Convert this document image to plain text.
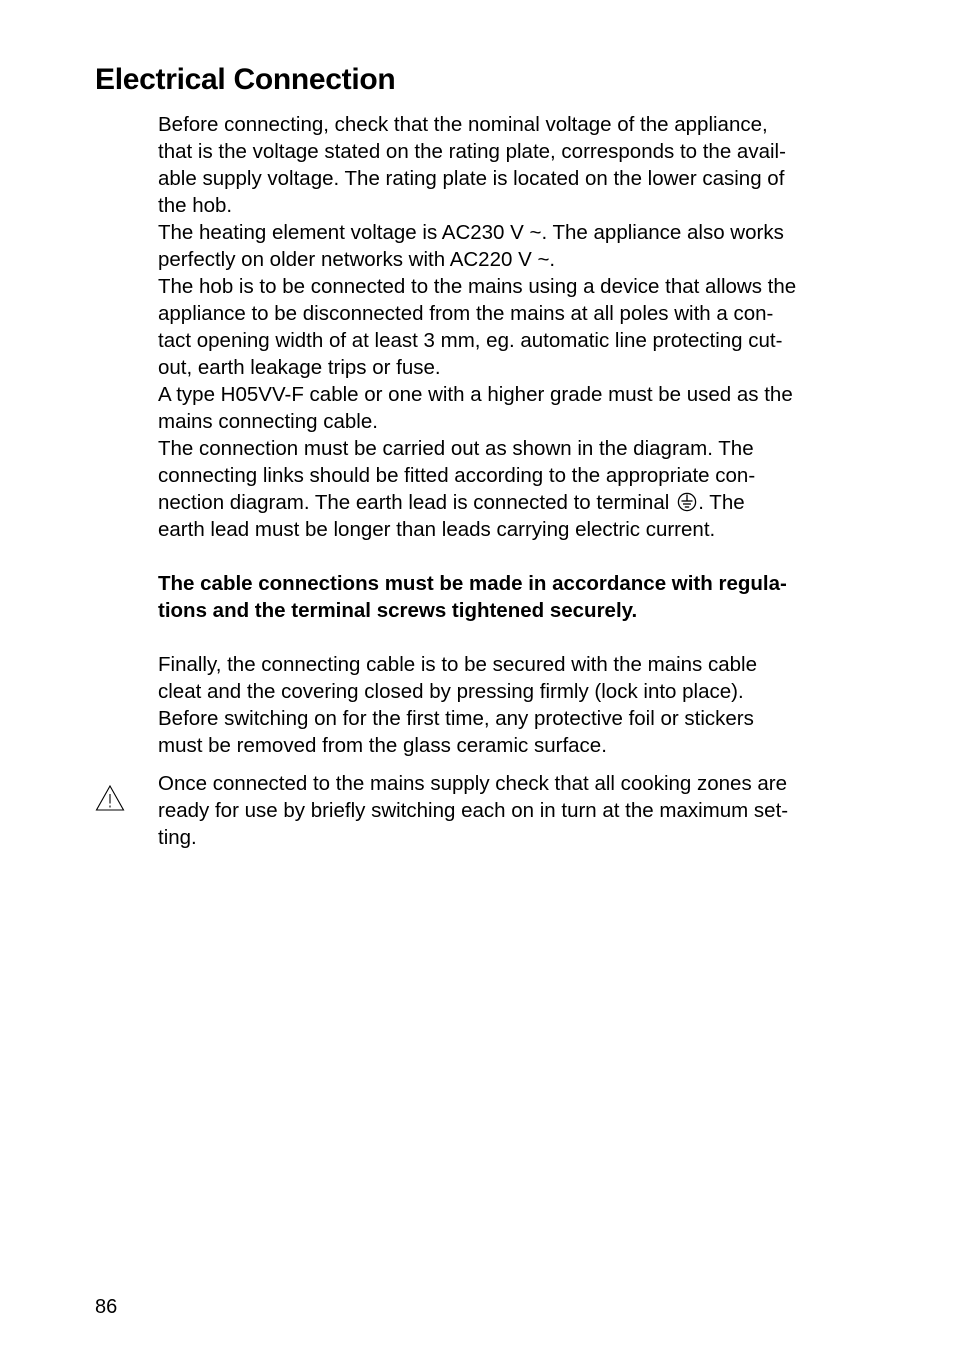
Electrical Connection

Before connecting, check that the nominal voltage of the appliance,
that is the voltage stated on the rating plate, corresponds to the avail-
able supply voltage. The rating plate is located on the lower casing of
the hob.

The heating element voltage is AC230 V ~. The appliance also works
perfectly on older networks with AC220 V ~.

The hob is to be connected to the mains using a device that allows the
appliance to be disconnected from the mains at all poles with a con-
tact opening width of at least 3 mm, eg. automatic line protecting cut-
out, earth leakage trips or fuse.

A type H05VV-F cable or one with a higher grade must be used as the
mains connecting cable.

The connection must be carried out as shown in the diagram. The
connecting links should be fitted according to the appropriate con-
nection diagram. The earth lead is connected to terminal . The
earth lead must be longer than leads carrying electric current.

The cable connections must be made in accordance with regula-
tions and the terminal screws tightened securely.

Finally, the connecting cable is to be secured with the mains cable
cleat and the covering closed by pressing firmly (lock into place).
Before switching on for the first time, any protective foil or stickers
must be removed from the glass ceramic surface.

Once connected to the mains supply check that all cooking zones are
ready for use by briefly switching each on in turn at the maximum set-
ting.
86
